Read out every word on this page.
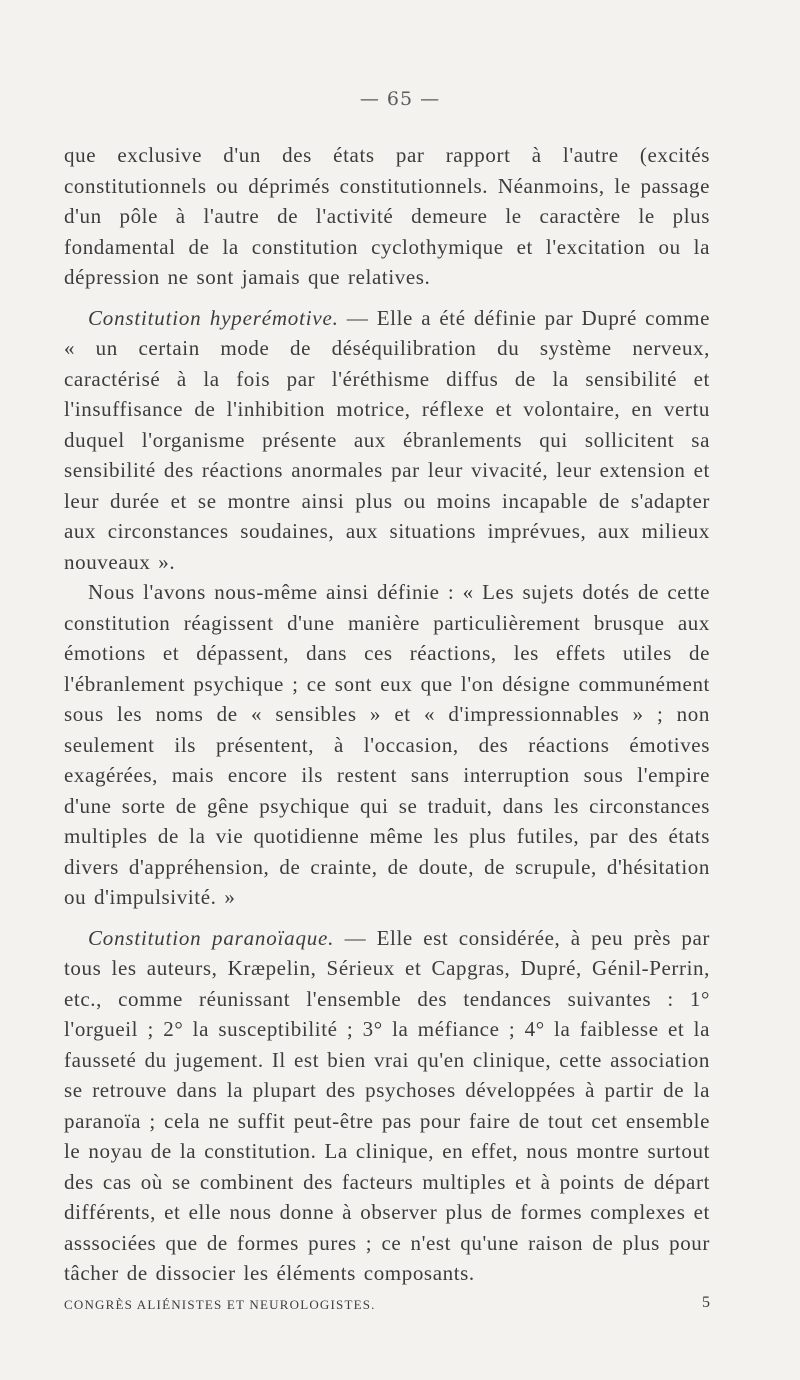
— 65 —

que exclusive d'un des états par rapport à l'autre (excités constitutionnels ou déprimés constitutionnels. Néanmoins, le passage d'un pôle à l'autre de l'activité demeure le caractère le plus fondamental de la constitution cyclothymique et l'excitation ou la dépression ne sont jamais que relatives.

Constitution hyperémotive. — Elle a été définie par Dupré comme « un certain mode de déséquilibration du système nerveux, caractérisé à la fois par l'éréthisme diffus de la sensibilité et l'insuffisance de l'inhibition motrice, réflexe et volontaire, en vertu duquel l'organisme présente aux ébranlements qui sollicitent sa sensibilité des réactions anormales par leur vivacité, leur extension et leur durée et se montre ainsi plus ou moins incapable de s'adapter aux circonstances soudaines, aux situations imprévues, aux milieux nouveaux ».

Nous l'avons nous-même ainsi définie : « Les sujets dotés de cette constitution réagissent d'une manière particulièrement brusque aux émotions et dépassent, dans ces réactions, les effets utiles de l'ébranlement psychique ; ce sont eux que l'on désigne communément sous les noms de « sensibles » et « d'impressionnables » ; non seulement ils présentent, à l'occasion, des réactions émotives exagérées, mais encore ils restent sans interruption sous l'empire d'une sorte de gêne psychique qui se traduit, dans les circonstances multiples de la vie quotidienne même les plus futiles, par des états divers d'appréhension, de crainte, de doute, de scrupule, d'hésitation ou d'impulsivité. »

Constitution paranoïaque. — Elle est considérée, à peu près par tous les auteurs, Kræpelin, Sérieux et Capgras, Dupré, Génil-Perrin, etc., comme réunissant l'ensemble des tendances suivantes : 1° l'orgueil ; 2° la susceptibilité ; 3° la méfiance ; 4° la faiblesse et la fausseté du jugement. Il est bien vrai qu'en clinique, cette association se retrouve dans la plupart des psychoses développées à partir de la paranoïa ; cela ne suffit peut-être pas pour faire de tout cet ensemble le noyau de la constitution. La clinique, en effet, nous montre surtout des cas où se combinent des facteurs multiples et à points de départ différents, et elle nous donne à observer plus de formes complexes et asssociées que de formes pures ; ce n'est qu'une raison de plus pour tâcher de dissocier les éléments composants.

CONGRÈS ALIÉNISTES ET NEUROLOGISTES.	5
